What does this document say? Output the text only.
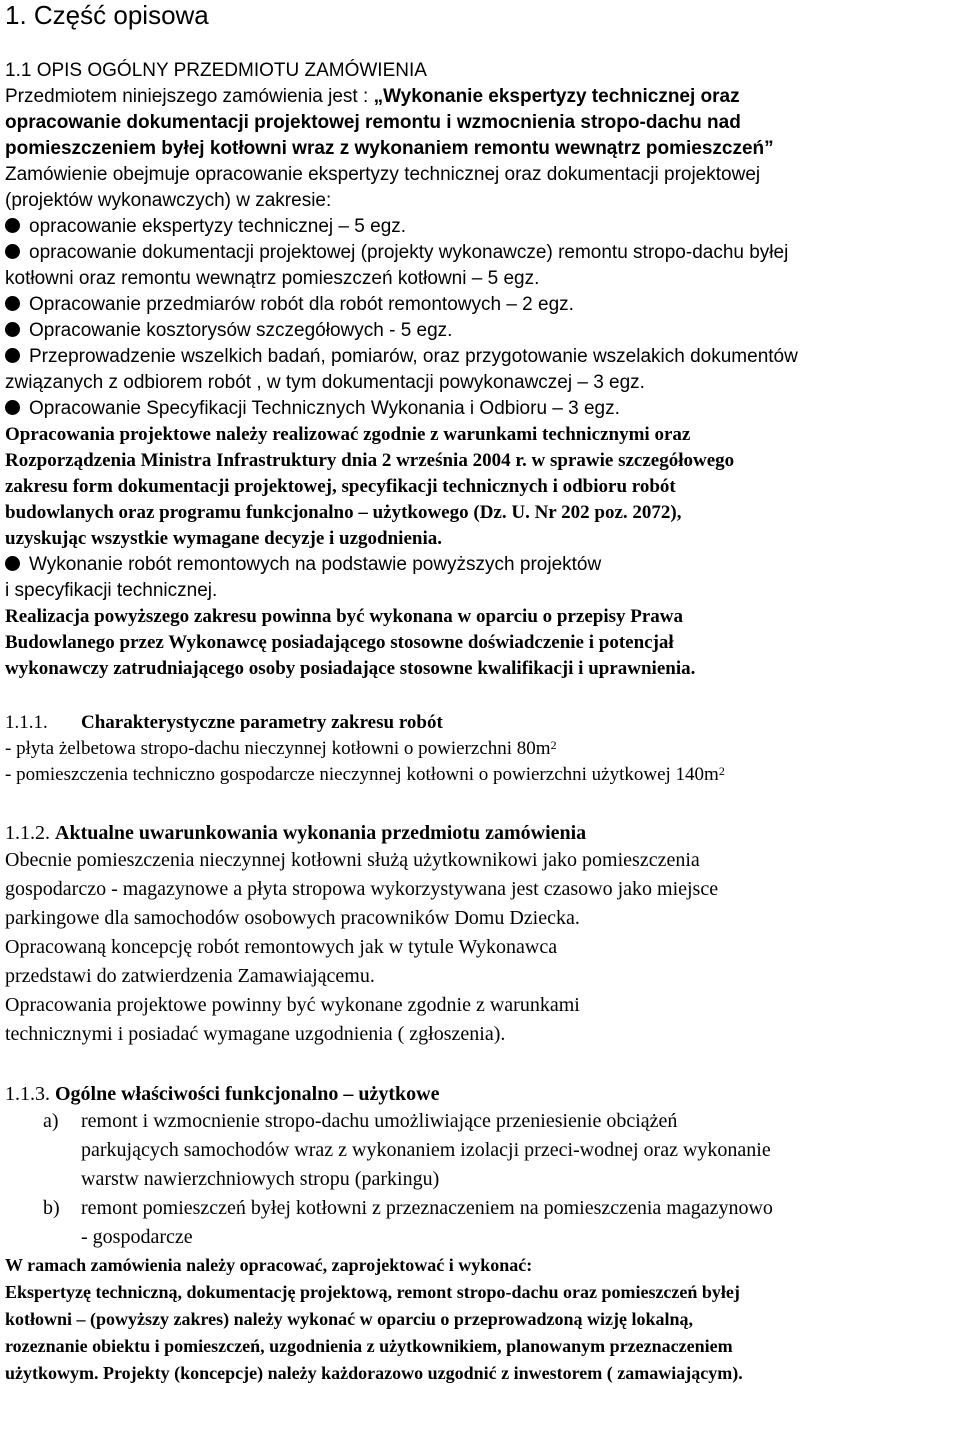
1. Część opisowa
1.1 OPIS OGÓLNY PRZEDMIOTU ZAMÓWIENIA
Przedmiotem niniejszego zamówienia jest : „Wykonanie ekspertyzy technicznej oraz
opracowanie dokumentacji projektowej remontu i wzmocnienia stropo-dachu nad
pomieszczeniem byłej kotłowni wraz z wykonaniem remontu wewnątrz pomieszczeń”
Zamówienie obejmuje opracowanie ekspertyzy technicznej oraz dokumentacji projektowej
(projektów wykonawczych) w zakresie:
opracowanie ekspertyzy technicznej – 5 egz.
opracowanie dokumentacji projektowej (projekty wykonawcze) remontu stropo-dachu byłej
kotłowni oraz remontu wewnątrz pomieszczeń kotłowni – 5 egz.
Opracowanie przedmiarów robót dla robót remontowych – 2 egz.
Opracowanie kosztorysów szczegółowych - 5 egz.
Przeprowadzenie wszelkich badań, pomiarów, oraz przygotowanie wszelakich dokumentów
związanych z odbiorem robót , w tym dokumentacji powykonawczej – 3 egz.
Opracowanie Specyfikacji Technicznych Wykonania i Odbioru – 3 egz.
Opracowania projektowe należy realizować zgodnie z warunkami technicznymi oraz
Rozporządzenia Ministra Infrastruktury dnia 2 września 2004 r. w sprawie szczegółowego
zakresu form dokumentacji projektowej, specyfikacji technicznych i odbioru robót
budowlanych oraz programu funkcjonalno – użytkowego (Dz. U. Nr 202 poz. 2072),
uzyskując wszystkie wymagane decyzje i uzgodnienia.
Wykonanie robót remontowych na podstawie powyższych projektów
i specyfikacji technicznej.
Realizacja powyższego zakresu powinna być wykonana w oparciu o przepisy Prawa
Budowlanego przez Wykonawcę posiadającego stosowne doświadczenie i potencjał
wykonawczy zatrudniającego osoby posiadające stosowne kwalifikacji i uprawnienia.
1.1.1. Charakterystyczne parametry zakresu robót
- płyta żelbetowa stropo-dachu nieczynnej kotłowni o powierzchni $80m^2$
- pomieszczenia techniczno gospodarcze nieczynnej kotłowni o powierzchni użytkowej $140m^2$
1.1.2. Aktualne uwarunkowania wykonania przedmiotu zamówienia
Obecnie pomieszczenia nieczynnej kotłowni służą użytkownikowi jako pomieszczenia
gospodarczo - magazynowe a płyta stropowa wykorzystywana jest czasowo jako miejsce
parkingowe dla samochodów osobowych pracowników Domu Dziecka.
Opracowaną koncepcję robót remontowych jak w tytule Wykonawca
przedstawi do zatwierdzenia Zamawiającemu.
Opracowania projektowe powinny być wykonane zgodnie z warunkami
technicznymi i posiadać wymagane uzgodnienia ( zgłoszenia).
1.1.3. Ogólne właściwości funkcjonalno – użytkowe
a) remont i wzmocnienie stropo-dachu umożliwiające przeniesienie obciążeń
parkujących samochodów wraz z wykonaniem izolacji przeci-wodnej oraz wykonanie
warstw nawierzchniowych stropu (parkingu)
b) remont pomieszczeń byłej kotłowni z przeznaczeniem na pomieszczenia magazynowo
- gospodarcze
W ramach zamówienia należy opracować, zaprojektować i wykonać:
Ekspertyzę techniczną, dokumentację projektową, remont stropo-dachu oraz pomieszczeń byłej
kotłowni – (powyższy zakres) należy wykonać w oparciu o przeprowadzoną wizję lokalną,
rozeznanie obiektu i pomieszczeń, uzgodnienia z użytkownikiem, planowanym przeznaczeniem
użytkowym. Projekty (koncepcje) należy każdorazowo uzgodnić z inwestorem ( zamawiającym).
